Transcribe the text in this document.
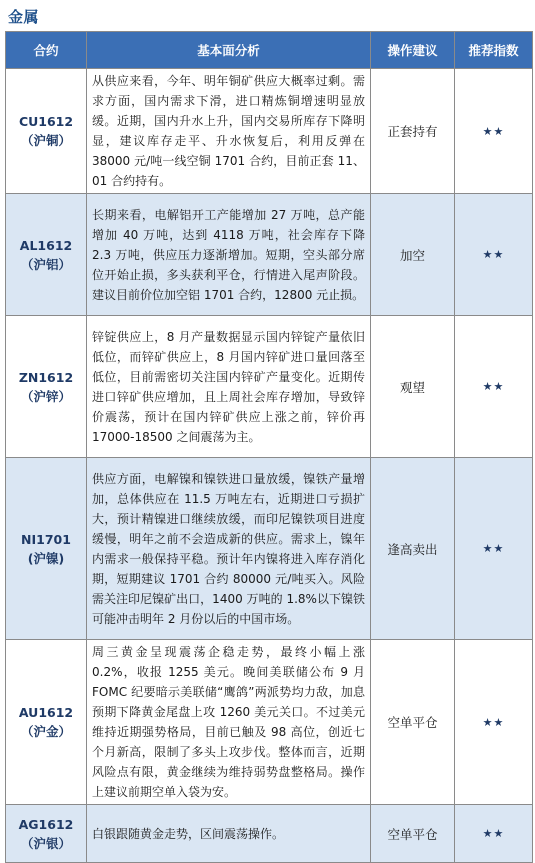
金属
合约	基本面分析	操作建议	推荐指数

CU1612
（沪铜）	从供应来看，今年、明年铜矿供应大概率过剩。需求方面，国内需求下滑，进口精炼铜增速明显放缓。近期，国内升水上升，国内交易所库存下降明显，建议库存走平、升水恢复后，利用反弹在 38000 元/吨一线空铜 1701 合约，目前正套 11、01 合约持有。	正套持有	★★

AL1612
（沪铝）	长期来看，电解铝开工产能增加 27 万吨，总产能增加 40 万吨，达到 4118 万吨，社会库存下降 2.3 万吨，供应压力逐渐增加。短期，空头部分席位开始止损，多头获利平仓，行情进入尾声阶段。建议目前价位加空铝 1701 合约，12800 元止损。	加空	★★

ZN1612
（沪锌）	锌锭供应上，8 月产量数据显示国内锌锭产量依旧低位，而锌矿供应上，8 月国内锌矿进口量回落至低位，目前需密切关注国内锌矿产量变化。近期传进口锌矿供应增加，且上周社会库存增加，导致锌价震荡，预计在国内锌矿供应上涨之前，锌价再 17000-18500 之间震荡为主。	观望	★★

NI1701
(沪镍)	供应方面，电解镍和镍铁进口量放缓，镍铁产量增加，总体供应在 11.5 万吨左右，近期进口亏损扩大，预计精镍进口继续放缓，而印尼镍铁项目进度缓慢，明年之前不会造成新的供应。需求上，镍年内需求一般保持平稳。预计年内镍将进入库存消化期，短期建议 1701 合约 80000 元/吨买入。风险需关注印尼镍矿出口，1400 万吨的 1.8%以下镍铁可能冲击明年 2 月份以后的中国市场。	逢高卖出	★★

AU1612
（沪金）	周三黄金呈现震荡企稳走势，最终小幅上涨 0.2%，收报 1255 美元。晚间美联储公布 9 月 FOMC 纪要暗示美联储“鹰鸽”两派势均力敌，加息预期下降黄金尾盘上攻 1260 美元关口。不过美元维持近期强势格局，目前已触及 98 高位，创近七个月新高，限制了多头上攻步伐。整体而言，近期风险点有限，黄金继续为维持弱势盘整格局。操作上建议前期空单入袋为安。	空单平仓	★★

AG1612
（沪银）	白银跟随黄金走势，区间震荡操作。	空单平仓	★★
